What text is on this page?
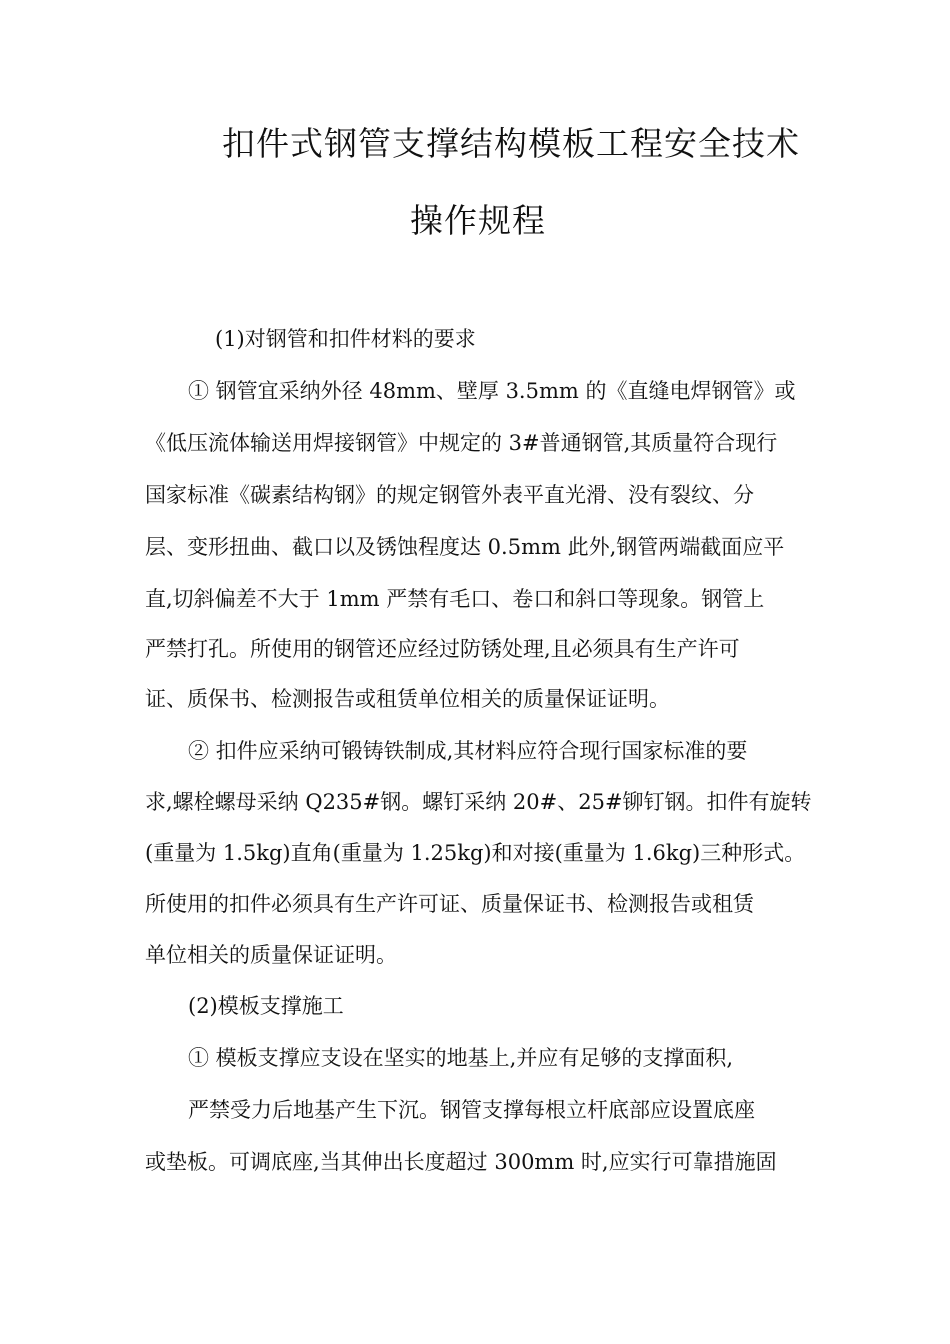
扣件式钢管支撑结构模板工程安全技术
操作规程
(1)对钢管和扣件材料的要求
① 钢管宜采纳外径 48mm、壁厚 3.5mm 的《直缝电焊钢管》或
《低压流体输送用焊接钢管》中规定的 3#普通钢管,其质量符合现行
国家标准《碳素结构钢》的规定钢管外表平直光滑、没有裂纹、分
层、变形扭曲、截口以及锈蚀程度达 0.5mm 此外,钢管两端截面应平
直,切斜偏差不大于 1mm 严禁有毛口、卷口和斜口等现象。钢管上
严禁打孔。所使用的钢管还应经过防锈处理,且必须具有生产许可
证、质保书、检测报告或租赁单位相关的质量保证证明。
② 扣件应采纳可锻铸铁制成,其材料应符合现行国家标准的要
求,螺栓螺母采纳 Q235#钢。螺钉采纳 20#、25#铆钉钢。扣件有旋转
(重量为 1.5kg)直角(重量为 1.25kg)和对接(重量为 1.6kg)三种形式。
所使用的扣件必须具有生产许可证、质量保证书、检测报告或租赁
单位相关的质量保证证明。
(2)模板支撑施工
① 模板支撑应支设在坚实的地基上,并应有足够的支撑面积,
严禁受力后地基产生下沉。钢管支撑每根立杆底部应设置底座
或垫板。可调底座,当其伸出长度超过 300mm 时,应实行可靠措施固
